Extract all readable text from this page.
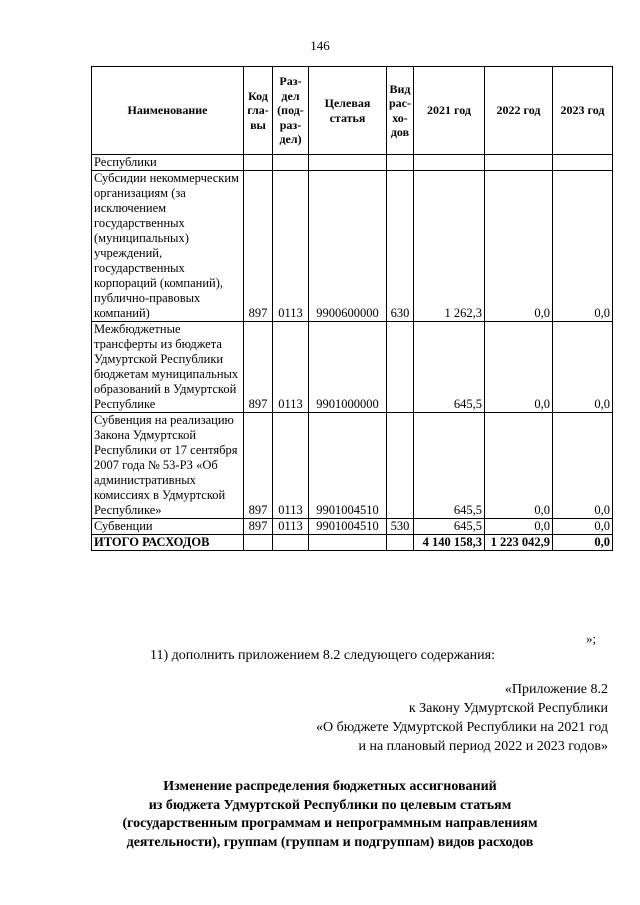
146
Наименование	Код гла- вы	Раз- дел (под- раз- дел)	Целевая статья	Вид рас- хо- дов	2021 год	2022 год	2023 год
Республики							
Субсидии некоммерческим организациям (за исключением государственных (муниципальных) учреждений, государственных корпораций (компаний), публично-правовых компаний)	897	0113	9900600000	630	1 262,3	0,0	0,0
Межбюджетные трансферты из бюджета Удмуртской Республики бюджетам муниципальных образований в Удмуртской Республике	897	0113	9901000000		645,5	0,0	0,0
Субвенция на реализацию Закона Удмуртской Республики от 17 сентября 2007 года № 53-РЗ «Об административных комиссиях в Удмуртской Республике»	897	0113	9901004510		645,5	0,0	0,0
Субвенции	897	0113	9901004510	530	645,5	0,0	0,0
ИТОГО РАСХОДОВ					4 140 158,3	1 223 042,9	0,0
»;
11) дополнить приложением 8.2 следующего содержания:
«Приложение 8.2
к Закону Удмуртской Республики
«О бюджете Удмуртской Республики на 2021 год
и на плановый период 2022 и 2023 годов»
Изменение распределения бюджетных ассигнований
из бюджета Удмуртской Республики по целевым статьям
(государственным программам и непрограммным направлениям
деятельности), группам (группам и подгруппам) видов расходов
